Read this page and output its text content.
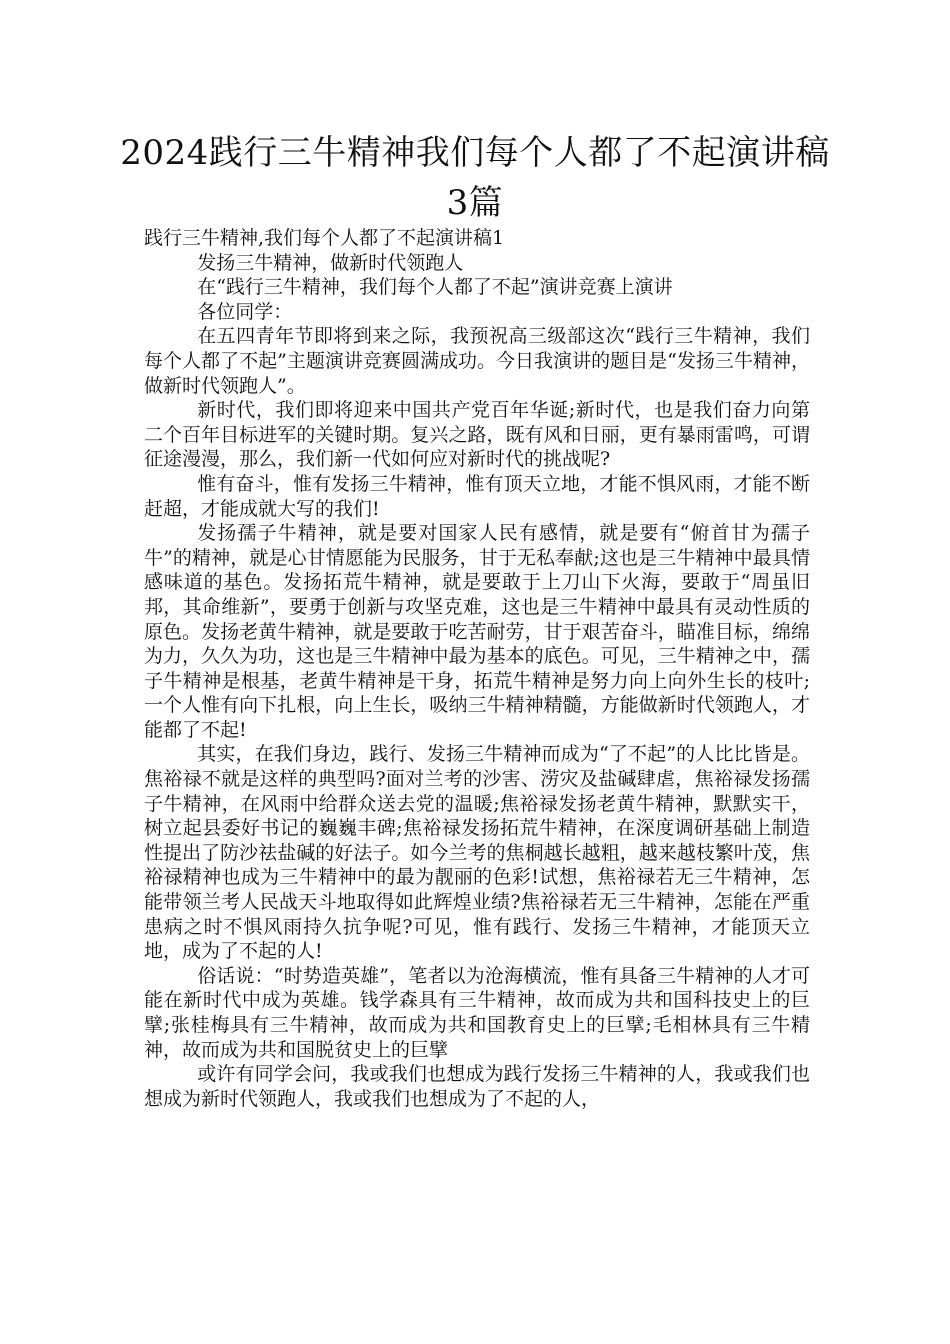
2024践行三牛精神我们每个人都了不起演讲稿3篇

践行三牛精神,我们每个人都了不起演讲稿1

发扬三牛精神，做新时代领跑人

在“践行三牛精神，我们每个人都了不起”演讲竞赛上演讲

各位同学：

在五四青年节即将到来之际，我预祝高三级部这次“践行三牛精神，我们每个人都了不起”主题演讲竞赛圆满成功。今日我演讲的题目是“发扬三牛精神，做新时代领跑人”。

新时代，我们即将迎来中国共产党百年华诞;新时代，也是我们奋力向第二个百年目标进军的关键时期。复兴之路，既有风和日丽，更有暴雨雷鸣，可谓征途漫漫，那么，我们新一代如何应对新时代的挑战呢?

惟有奋斗，惟有发扬三牛精神，惟有顶天立地，才能不惧风雨，才能不断赶超，才能成就大写的我们!

发扬孺子牛精神，就是要对国家人民有感情，就是要有“俯首甘为孺子牛”的精神，就是心甘情愿能为民服务，甘于无私奉献;这也是三牛精神中最具情感味道的基色。发扬拓荒牛精神，就是要敢于上刀山下火海，要敢于“周虽旧邦，其命维新”，要勇于创新与攻坚克难，这也是三牛精神中最具有灵动性质的原色。发扬老黄牛精神，就是要敢于吃苦耐劳，甘于艰苦奋斗，瞄准目标，绵绵为力，久久为功，这也是三牛精神中最为基本的底色。可见，三牛精神之中，孺子牛精神是根基，老黄牛精神是干身，拓荒牛精神是努力向上向外生长的枝叶;一个人惟有向下扎根，向上生长，吸纳三牛精神精髓，方能做新时代领跑人，才能都了不起!

其实，在我们身边，践行、发扬三牛精神而成为“了不起”的人比比皆是。焦裕禄不就是这样的典型吗?面对兰考的沙害、涝灾及盐碱肆虐，焦裕禄发扬孺子牛精神，在风雨中给群众送去党的温暖;焦裕禄发扬老黄牛精神，默默实干，树立起县委好书记的巍巍丰碑;焦裕禄发扬拓荒牛精神，在深度调研基础上制造性提出了防沙祛盐碱的好法子。如今兰考的焦桐越长越粗，越来越枝繁叶茂，焦裕禄精神也成为三牛精神中的最为靓丽的色彩!试想，焦裕禄若无三牛精神，怎能带领兰考人民战天斗地取得如此辉煌业绩?焦裕禄若无三牛精神，怎能在严重患病之时不惧风雨持久抗争呢?可见，惟有践行、发扬三牛精神，才能顶天立地，成为了不起的人!

俗话说：“时势造英雄”，笔者以为沧海横流，惟有具备三牛精神的人才可能在新时代中成为英雄。钱学森具有三牛精神，故而成为共和国科技史上的巨擘;张桂梅具有三牛精神，故而成为共和国教育史上的巨擘;毛相林具有三牛精神，故而成为共和国脱贫史上的巨擘

或许有同学会问，我或我们也想成为践行发扬三牛精神的人，我或我们也想成为新时代领跑人，我或我们也想成为了不起的人，
